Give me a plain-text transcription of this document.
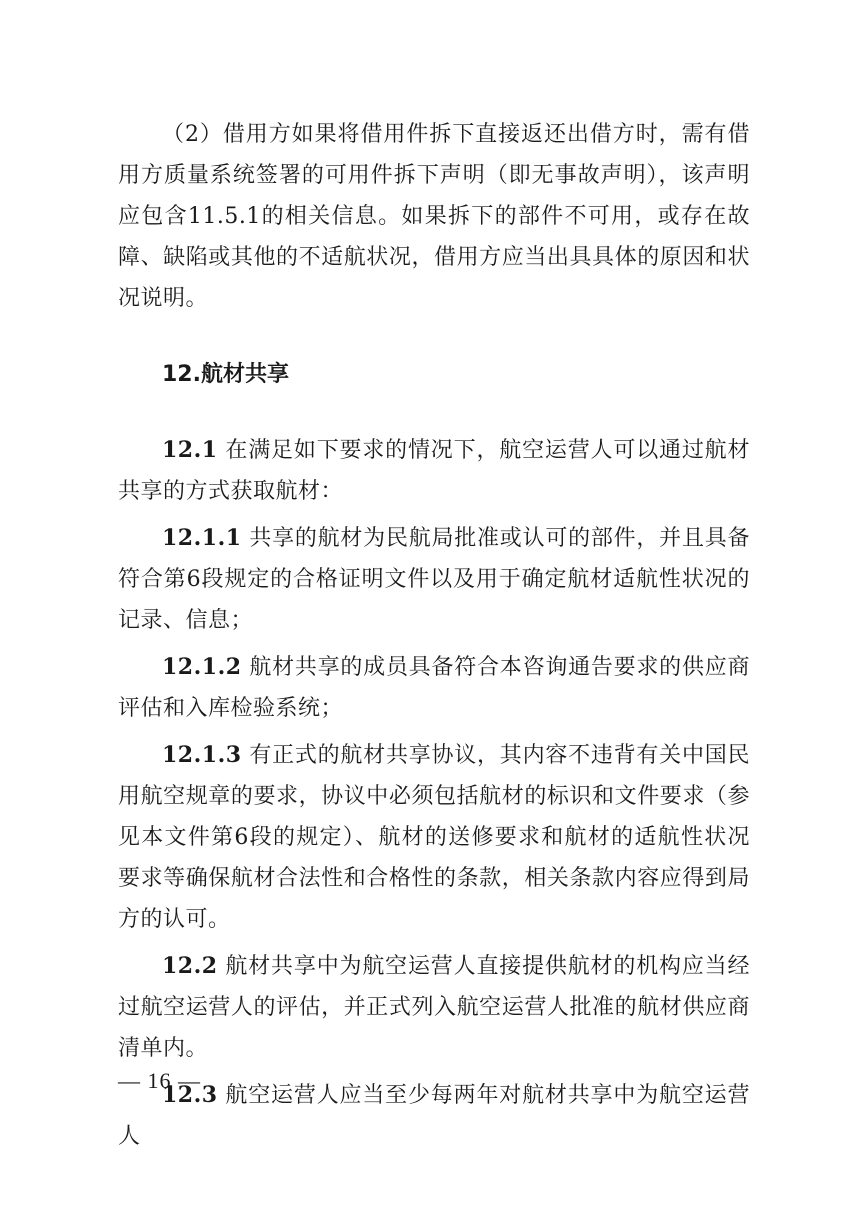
（2）借用方如果将借用件拆下直接返还出借方时，需有借用方质量系统签署的可用件拆下声明（即无事故声明），该声明应包含11.5.1的相关信息。如果拆下的部件不可用，或存在故障、缺陷或其他的不适航状况，借用方应当出具具体的原因和状况说明。

12.航材共享

12.1 在满足如下要求的情况下，航空运营人可以通过航材共享的方式获取航材：

12.1.1 共享的航材为民航局批准或认可的部件，并且具备符合第6段规定的合格证明文件以及用于确定航材适航性状况的记录、信息；

12.1.2 航材共享的成员具备符合本咨询通告要求的供应商评估和入库检验系统；

12.1.3 有正式的航材共享协议，其内容不违背有关中国民用航空规章的要求，协议中必须包括航材的标识和文件要求（参见本文件第6段的规定）、航材的送修要求和航材的适航性状况要求等确保航材合法性和合格性的条款，相关条款内容应得到局方的认可。

12.2 航材共享中为航空运营人直接提供航材的机构应当经过航空运营人的评估，并正式列入航空运营人批准的航材供应商清单内。

12.3 航空运营人应当至少每两年对航材共享中为航空运营人

— 16 —
